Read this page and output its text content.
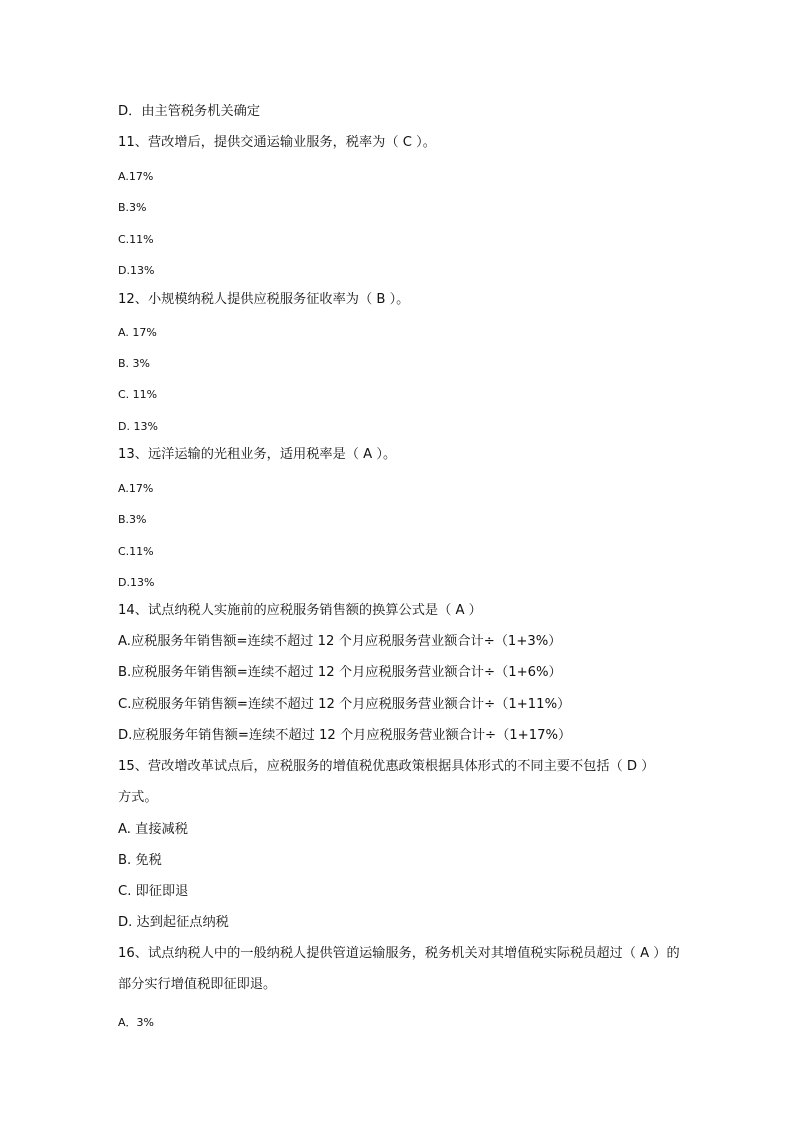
D．由主管税务机关确定

11、营改增后，提供交通运输业服务，税率为（ C ）。

A.17%

B.3%

C.11%

D.13%

12、小规模纳税人提供应税服务征收率为（ B ）。

A. 17%

B. 3%

C. 11%

D. 13%

13、远洋运输的光租业务，适用税率是（ A ）。

A.17%

B.3%

C.11%

D.13%

14、试点纳税人实施前的应税服务销售额的换算公式是（ A ）

A.应税服务年销售额=连续不超过 12 个月应税服务营业额合计÷（1+3%）

B.应税服务年销售额=连续不超过 12 个月应税服务营业额合计÷（1+6%）

C.应税服务年销售额=连续不超过 12 个月应税服务营业额合计÷（1+11%）

D.应税服务年销售额=连续不超过 12 个月应税服务营业额合计÷（1+17%）

15、营改增改革试点后，应税服务的增值税优惠政策根据具体形式的不同主要不包括（ D ）

方式。

A. 直接减税

B. 免税

C. 即征即退

D. 达到起征点纳税

16、试点纳税人中的一般纳税人提供管道运输服务，税务机关对其增值税实际税员超过（ A ）的

部分实行增值税即征即退。

A．3%
